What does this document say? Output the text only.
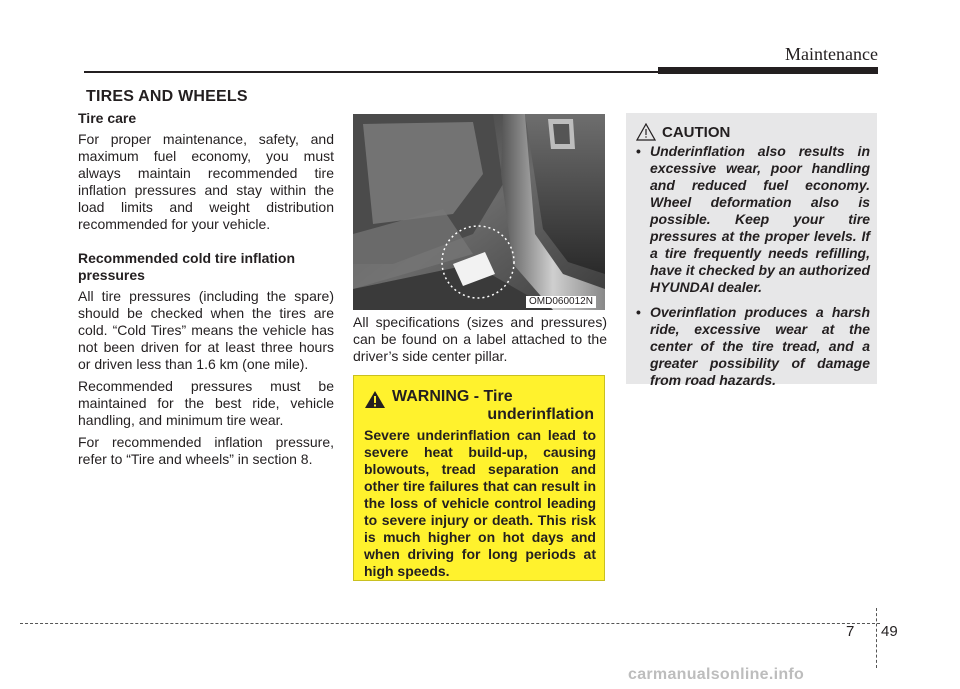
Maintenance
TIRES AND WHEELS
Tire care

For proper maintenance, safety, and maximum fuel economy, you must always maintain recommended tire inflation pressures and stay within the load limits and weight distribution recommended for your vehicle.

Recommended cold tire inflation pressures

All tire pressures (including the spare) should be checked when the tires are cold. “Cold Tires” means the vehicle has not been driven for at least three hours or driven less than 1.6 km (one mile).

Recommended pressures must be maintained for the best ride, vehicle handling, and minimum tire wear.

For recommended inflation pressure, refer to “Tire and wheels” in section 8.

OMD060012N
All specifications (sizes and pressures) can be found on a label attached to the driver’s side center pillar.
WARNING - Tire
underinflation
Severe underinflation can lead to severe heat build-up, causing blowouts, tread separation and other tire failures that can result in the loss of vehicle control leading to severe injury or death. This risk is much higher on hot days and when driving for long periods at high speeds.
CAUTION
• Underinflation also results in excessive wear, poor handling and reduced fuel economy. Wheel deformation also is possible. Keep your tire pressures at the proper levels. If a tire frequently needs refilling, have it checked by an authorized HYUNDAI dealer.
• Overinflation produces a harsh ride, excessive wear at the center of the tire tread, and a greater possibility of damage from road hazards.
7 49
carmanualsonline.info
